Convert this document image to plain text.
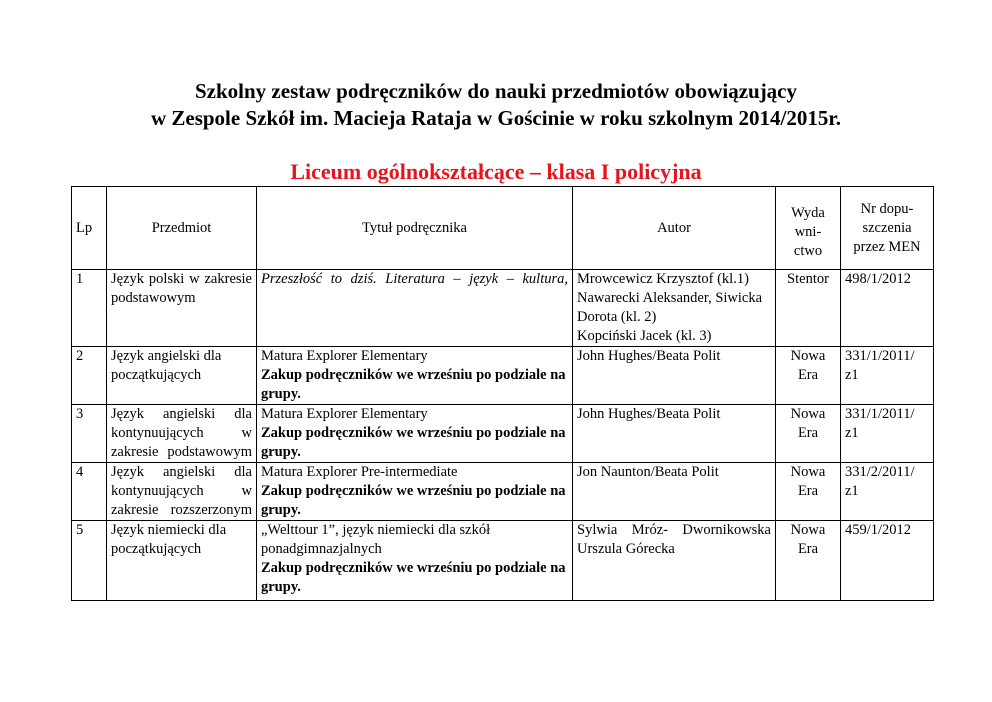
Szkolny zestaw podręczników do nauki przedmiotów obowiązujący
w Zespole Szkół im. Macieja Rataja w Gościnie w roku szkolnym 2014/2015r.
Liceum ogólnokształcące – klasa I policyjna
Lp	Przedmiot	Tytuł podręcznika	Autor	Wyda wni- ctwo	Nr dopu- szczenia przez MEN
1	Język polski w zakresie podstawowym	Przeszłość to dziś. Literatura – język – kultura,	Mrowcewicz Krzysztof (kl.1)
Nawarecki Aleksander, Siwicka Dorota (kl. 2)
Kopciński Jacek (kl. 3)	Stentor	498/1/2012
2	Język angielski dla początkujących	Matura Explorer Elementary
Zakup podręczników we wrześniu po podziale na grupy.	John Hughes/Beata Polit	Nowa Era	331/1/2011/ z1
3	Język angielski dla kontynuujących w zakresie podstawowym	Matura Explorer Elementary
Zakup podręczników we wrześniu po podziale na grupy.	John Hughes/Beata Polit	Nowa Era	331/1/2011/ z1
4	Język angielski dla kontynuujących w zakresie rozszerzonym	Matura Explorer Pre-intermediate
Zakup podręczników we wrześniu po podziale na grupy.	Jon Naunton/Beata Polit	Nowa Era	331/2/2011/ z1
5	Język niemiecki dla początkujących	„Welttour 1”, język niemiecki dla szkół ponadgimnazjalnych
Zakup podręczników we wrześniu po podziale na grupy.	Sylwia Mróz- Dwornikowska
Urszula Górecka	Nowa Era	459/1/2012
